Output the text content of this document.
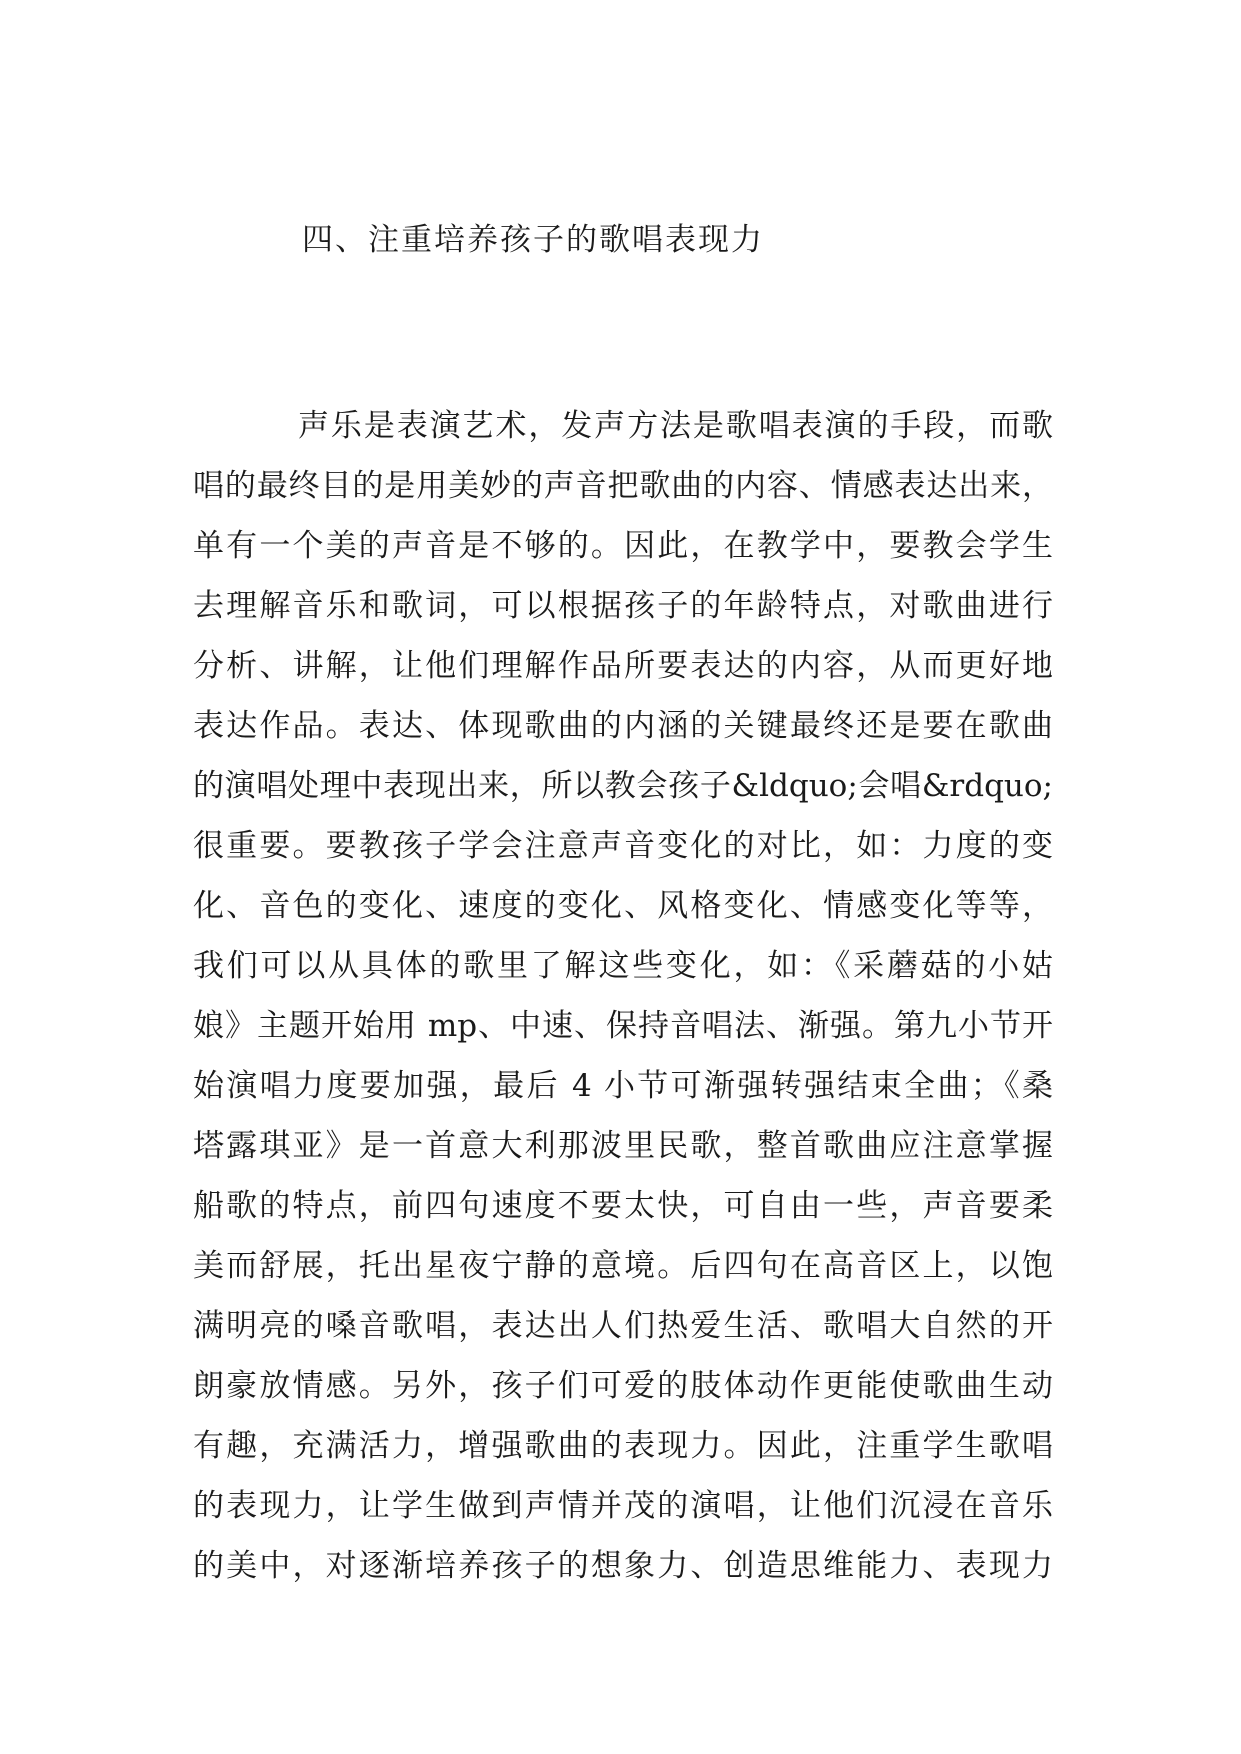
四、注重培养孩子的歌唱表现力
声乐是表演艺术，发声方法是歌唱表演的手段，而歌
唱的最终目的是用美妙的声音把歌曲的内容、情感表达出来，
单有一个美的声音是不够的。因此，在教学中，要教会学生
去理解音乐和歌词，可以根据孩子的年龄特点，对歌曲进行
分析、讲解，让他们理解作品所要表达的内容，从而更好地
表达作品。表达、体现歌曲的内涵的关键最终还是要在歌曲
的演唱处理中表现出来，所以教会孩子&ldquo;会唱&rdquo;
很重要。要教孩子学会注意声音变化的对比，如：力度的变
化、音色的变化、速度的变化、风格变化、情感变化等等，
我们可以从具体的歌里了解这些变化，如：《采蘑菇的小姑
娘》主题开始用 mp、中速、保持音唱法、渐强。第九小节开
始演唱力度要加强，最后 4 小节可渐强转强结束全曲；《桑
塔露琪亚》是一首意大利那波里民歌，整首歌曲应注意掌握
船歌的特点，前四句速度不要太快，可自由一些，声音要柔
美而舒展，托出星夜宁静的意境。后四句在高音区上，以饱
满明亮的嗓音歌唱，表达出人们热爱生活、歌唱大自然的开
朗豪放情感。另外，孩子们可爱的肢体动作更能使歌曲生动
有趣，充满活力，增强歌曲的表现力。因此，注重学生歌唱
的表现力，让学生做到声情并茂的演唱，让他们沉浸在音乐
的美中，对逐渐培养孩子的想象力、创造思维能力、表现力
